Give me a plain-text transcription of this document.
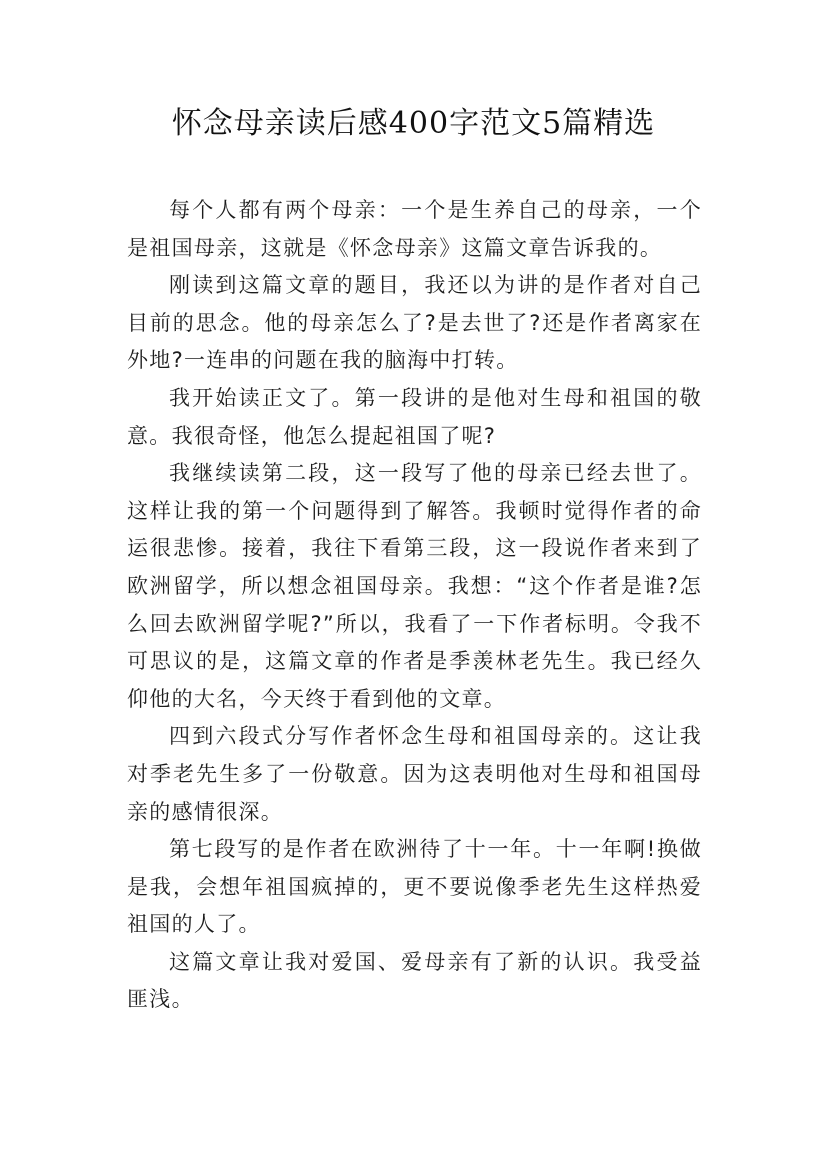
怀念母亲读后感400字范文5篇精选

每个人都有两个母亲：一个是生养自己的母亲，一个是祖国母亲，这就是《怀念母亲》这篇文章告诉我的。

刚读到这篇文章的题目，我还以为讲的是作者对自己目前的思念。他的母亲怎么了?是去世了?还是作者离家在外地?一连串的问题在我的脑海中打转。

我开始读正文了。第一段讲的是他对生母和祖国的敬意。我很奇怪，他怎么提起祖国了呢?

我继续读第二段，这一段写了他的母亲已经去世了。这样让我的第一个问题得到了解答。我顿时觉得作者的命运很悲惨。接着，我往下看第三段，这一段说作者来到了欧洲留学，所以想念祖国母亲。我想：“这个作者是谁?怎么回去欧洲留学呢?”所以，我看了一下作者标明。令我不可思议的是，这篇文章的作者是季羡林老先生。我已经久仰他的大名，今天终于看到他的文章。

四到六段式分写作者怀念生母和祖国母亲的。这让我对季老先生多了一份敬意。因为这表明他对生母和祖国母亲的感情很深。

第七段写的是作者在欧洲待了十一年。十一年啊!换做是我，会想年祖国疯掉的，更不要说像季老先生这样热爱祖国的人了。

这篇文章让我对爱国、爱母亲有了新的认识。我受益匪浅。
